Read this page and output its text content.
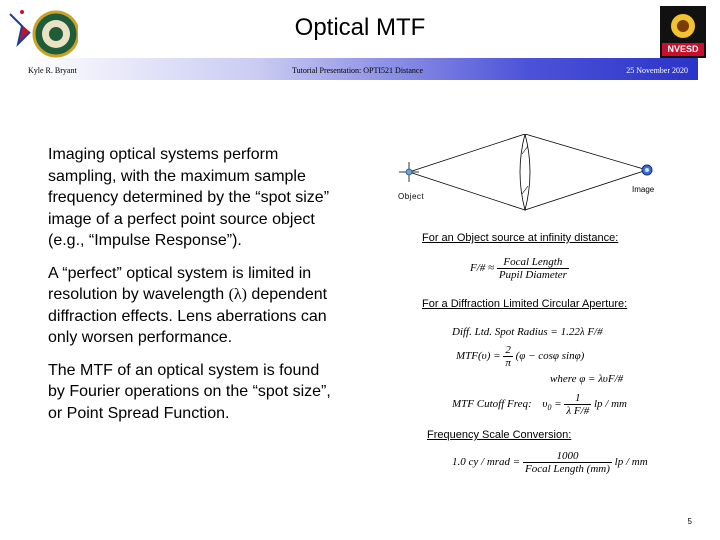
NVESD
Optical MTF
Kyle R. Bryant	Tutorial Presentation: OPTI521 Distance	25 November 2020

Imaging optical systems perform sampling, with the maximum sample frequency determined by the “spot size” image of a perfect point source object (e.g., “Impulse Response”).

A “perfect” optical system is limited in resolution by wavelength (λ) dependent diffraction effects. Lens aberrations can only worsen performance.

The MTF of an optical system is found by Fourier operations on the “spot size”, or Point Spread Function.

Object
Image
For an Object source at infinity distance:
F/# ≈ $\frac{\text{Focal Length}}{\text{Pupil Diameter}}$
For a Diffraction Limited Circular Aperture:
Diff. Ltd. Spot Radius = 1.22λ F/#
$MTF(\upsilon) = \frac{2}{\pi} (\varphi - \cos\varphi$ sinφ)
where φ = λυF/#
MTF Cutoff Freq: $\upsilon_0 = \frac{1}{\text{λ F/\#}}$ lp / mm
Frequency Scale Conversion:
1.0 cy / mrad = $\frac{1000}{\text{Focal Length (mm)}}$ lp / mm
5
